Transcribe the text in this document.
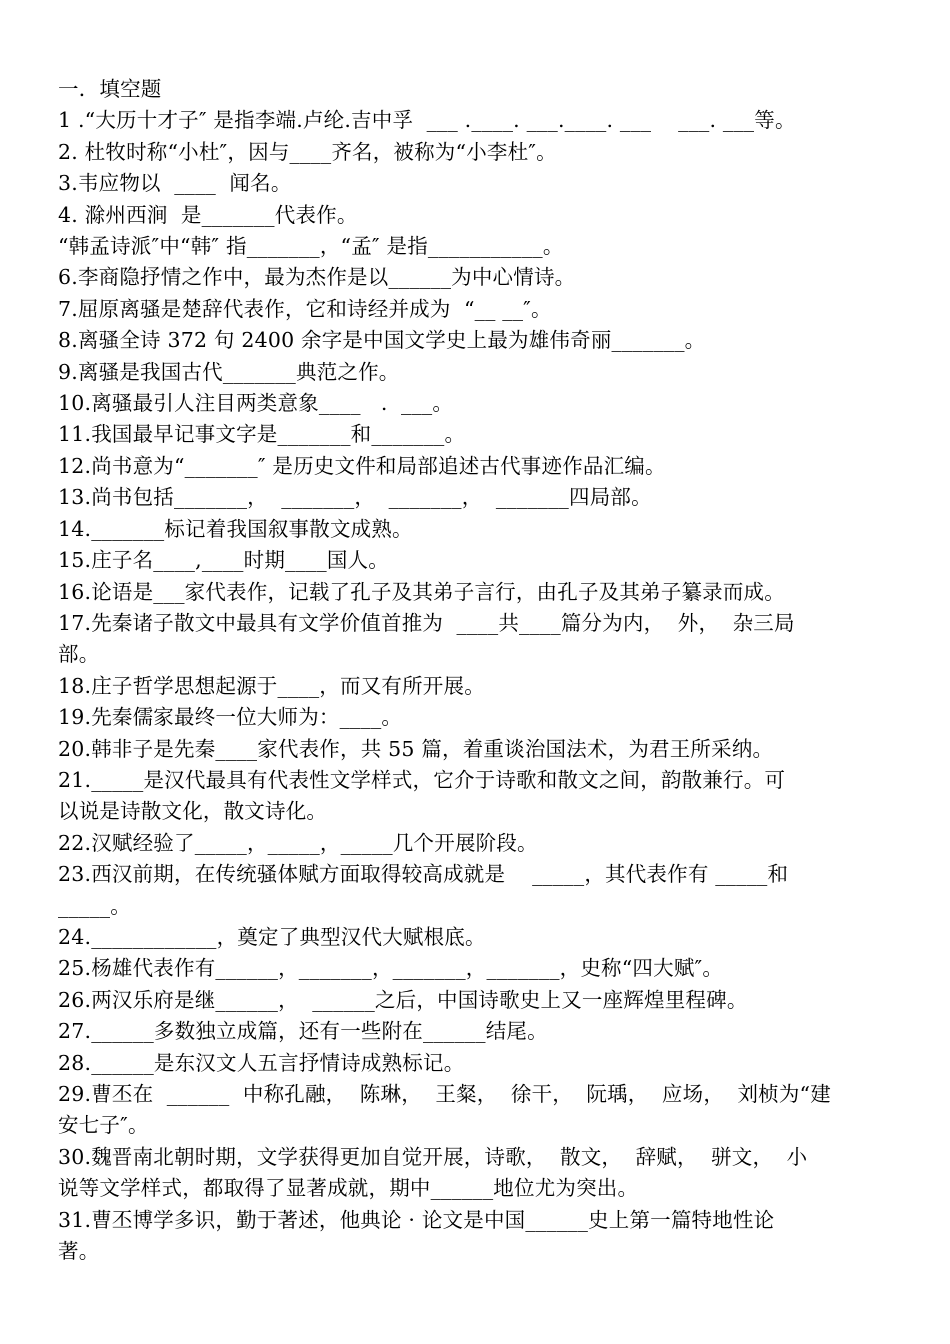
一．填空题
1 .“大历十才子″ 是指李端.卢纶.吉中孚  ___ .____. ___.____. ___    ___. ___等。
2. 杜牧时称“小杜″，因与____齐名，被称为“小李杜″。
3.韦应物以  ____  闻名。
4. 滁州西涧  是_______代表作。
“韩孟诗派″中“韩″ 指_______，“孟″ 是指___________。
6.李商隐抒情之作中，最为杰作是以______为中心情诗。
7.屈原离骚是楚辞代表作，它和诗经并成为  “__ __″。
8.离骚全诗 372 句 2400 余字是中国文学史上最为雄伟奇丽_______。
9.离骚是我国古代_______典范之作。
10.离骚最引人注目两类意象____   .  ___。
11.我国最早记事文字是_______和_______。
12.尚书意为“_______″ 是历史文件和局部追述古代事迹作品汇编。
13.尚书包括_______，  _______，  _______，  _______四局部。
14._______标记着我国叙事散文成熟。
15.庄子名____,____时期____国人。
16.论语是___家代表作，记载了孔子及其弟子言行，由孔子及其弟子纂录而成。
17.先秦诸子散文中最具有文学价值首推为  ____共____篇分为内，  外，  杂三局
部。
18.庄子哲学思想起源于____，而又有所开展。
19.先秦儒家最终一位大师为：____。
20.韩非子是先秦____家代表作，共 55 篇，着重谈治国法术，为君王所采纳。
21._____是汉代最具有代表性文学样式，它介于诗歌和散文之间，韵散兼行。可
以说是诗散文化，散文诗化。
22.汉赋经验了_____，_____，_____几个开展阶段。
23.西汉前期，在传统骚体赋方面取得较高成就是    _____，其代表作有 _____和
_____。
24.____________，奠定了典型汉代大赋根底。
25.杨雄代表作有______，_______，_______，_______，史称“四大赋″。
26.两汉乐府是继______，  ______之后，中国诗歌史上又一座辉煌里程碑。
27.______多数独立成篇，还有一些附在______结尾。
28.______是东汉文人五言抒情诗成熟标记。
29.曹丕在  ______  中称孔融，  陈琳，  王粲，  徐干，  阮瑀，  应场，  刘桢为“建
安七子″。
30.魏晋南北朝时期，文学获得更加自觉开展，诗歌，  散文，  辞赋，  骈文，  小
说等文学样式，都取得了显著成就，期中______地位尤为突出。
31.曹丕博学多识，勤于著述，他典论 · 论文是中国______史上第一篇特地性论
著。
